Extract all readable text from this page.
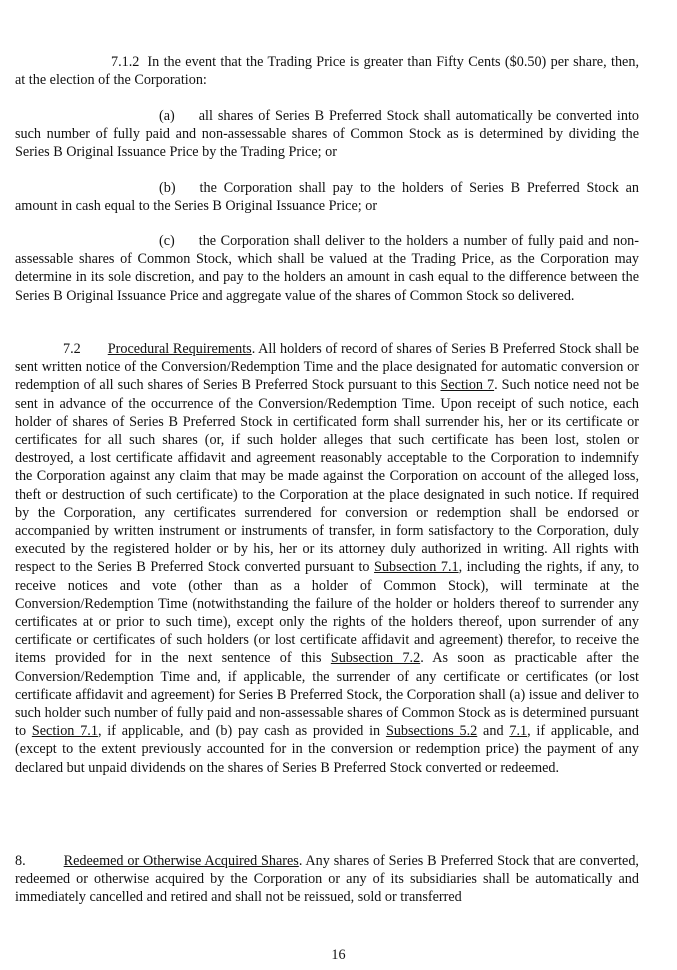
7.1.2 In the event that the Trading Price is greater than Fifty Cents ($0.50) per share, then, at the election of the Corporation:

(a) all shares of Series B Preferred Stock shall automatically be converted into such number of fully paid and non-assessable shares of Common Stock as is determined by dividing the Series B Original Issuance Price by the Trading Price; or

(b) the Corporation shall pay to the holders of Series B Preferred Stock an amount in cash equal to the Series B Original Issuance Price; or

(c) the Corporation shall deliver to the holders a number of fully paid and non-assessable shares of Common Stock, which shall be valued at the Trading Price, as the Corporation may determine in its sole discretion, and pay to the holders an amount in cash equal to the difference between the Series B Original Issuance Price and aggregate value of the shares of Common Stock so delivered.

7.2 Procedural Requirements. All holders of record of shares of Series B Preferred Stock shall be sent written notice of the Conversion/Redemption Time and the place designated for automatic conversion or redemption of all such shares of Series B Preferred Stock pursuant to this Section 7. Such notice need not be sent in advance of the occurrence of the Conversion/Redemption Time. Upon receipt of such notice, each holder of shares of Series B Preferred Stock in certificated form shall surrender his, her or its certificate or certificates for all such shares (or, if such holder alleges that such certificate has been lost, stolen or destroyed, a lost certificate affidavit and agreement reasonably acceptable to the Corporation to indemnify the Corporation against any claim that may be made against the Corporation on account of the alleged loss, theft or destruction of such certificate) to the Corporation at the place designated in such notice. If required by the Corporation, any certificates surrendered for conversion or redemption shall be endorsed or accompanied by written instrument or instruments of transfer, in form satisfactory to the Corporation, duly executed by the registered holder or by his, her or its attorney duly authorized in writing. All rights with respect to the Series B Preferred Stock converted pursuant to Subsection 7.1, including the rights, if any, to receive notices and vote (other than as a holder of Common Stock), will terminate at the Conversion/Redemption Time (notwithstanding the failure of the holder or holders thereof to surrender any certificates at or prior to such time), except only the rights of the holders thereof, upon surrender of any certificate or certificates of such holders (or lost certificate affidavit and agreement) therefor, to receive the items provided for in the next sentence of this Subsection 7.2. As soon as practicable after the Conversion/Redemption Time and, if applicable, the surrender of any certificate or certificates (or lost certificate affidavit and agreement) for Series B Preferred Stock, the Corporation shall (a) issue and deliver to such holder such number of fully paid and non-assessable shares of Common Stock as is determined pursuant to Section 7.1, if applicable, and (b) pay cash as provided in Subsections 5.2 and 7.1, if applicable, and (except to the extent previously accounted for in the conversion or redemption price) the payment of any declared but unpaid dividends on the shares of Series B Preferred Stock converted or redeemed.

8.	Redeemed or Otherwise Acquired Shares. Any shares of Series B Preferred Stock that are converted, redeemed or otherwise acquired by the Corporation or any of its subsidiaries shall be automatically and immediately cancelled and retired and shall not be reissued, sold or transferred

16
